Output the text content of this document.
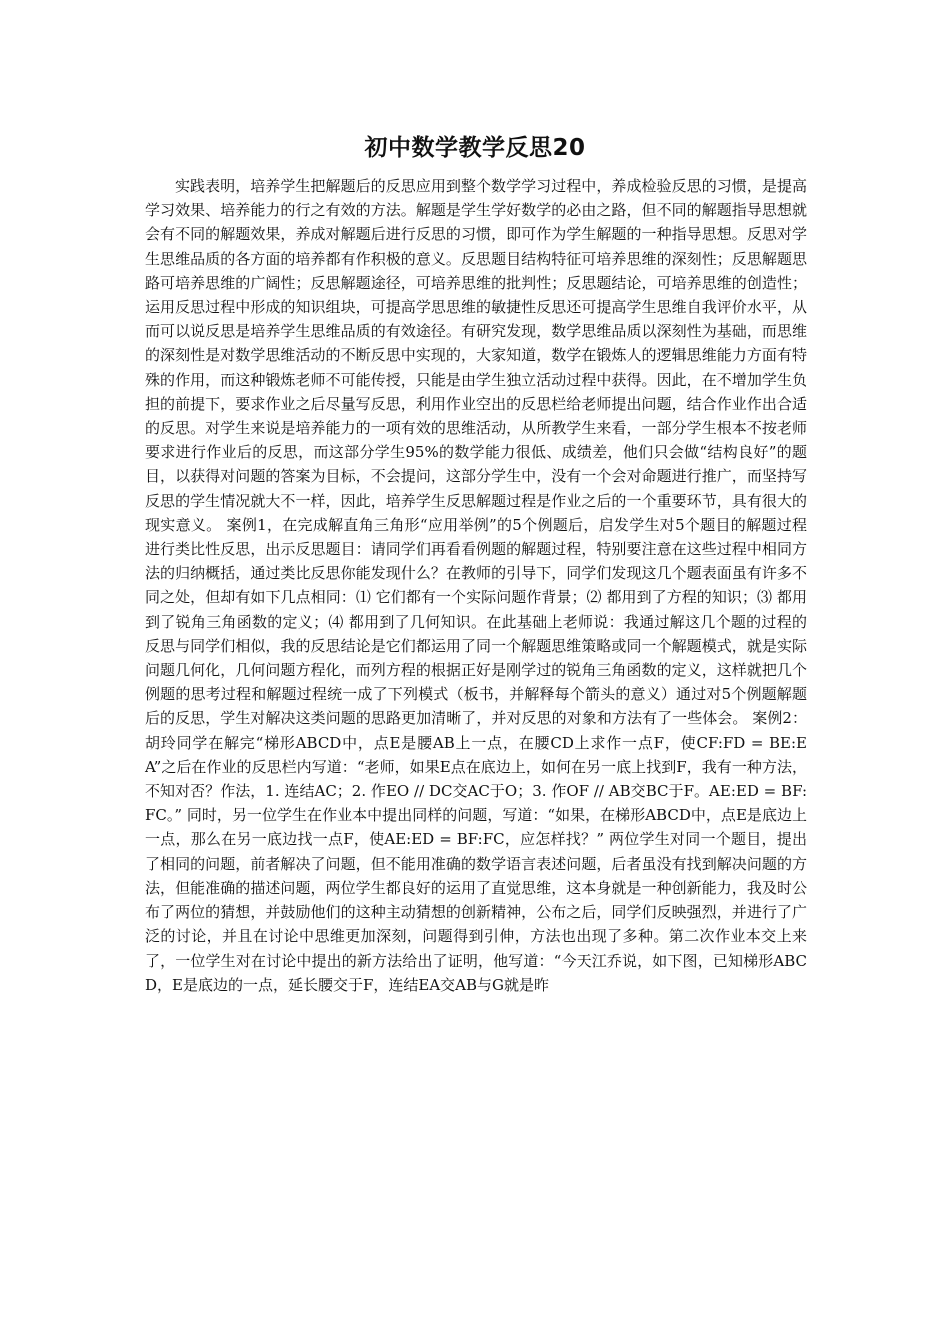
初中数学教学反思20

实践表明，培养学生把解题后的反思应用到整个数学学习过程中，养成检验反思的习惯，是提高学习效果、培养能力的行之有效的方法。解题是学生学好数学的必由之路，但不同的解题指导思想就会有不同的解题效果，养成对解题后进行反思的习惯，即可作为学生解题的一种指导思想。反思对学生思维品质的各方面的培养都有作积极的意义。反思题目结构特征可培养思维的深刻性；反思解题思路可培养思维的广阔性；反思解题途径，可培养思维的批判性；反思题结论，可培养思维的创造性；运用反思过程中形成的知识组块，可提高学思思维的敏捷性反思还可提高学生思维自我评价水平，从而可以说反思是培养学生思维品质的有效途径。有研究发现，数学思维品质以深刻性为基础，而思维的深刻性是对数学思维活动的不断反思中实现的，大家知道，数学在锻炼人的逻辑思维能力方面有特殊的作用，而这种锻炼老师不可能传授，只能是由学生独立活动过程中获得。因此，在不增加学生负担的前提下，要求作业之后尽量写反思，利用作业空出的反思栏给老师提出问题，结合作业作出合适的反思。对学生来说是培养能力的一项有效的思维活动，从所教学生来看，一部分学生根本不按老师要求进行作业后的反思，而这部分学生95%的数学能力很低、成绩差，他们只会做“结构良好”的题目，以获得对问题的答案为目标，不会提问，这部分学生中，没有一个会对命题进行推广，而坚持写反思的学生情况就大不一样，因此，培养学生反思解题过程是作业之后的一个重要环节，具有很大的现实意义。 案例1，在完成解直角三角形“应用举例”的5个例题后，启发学生对5个题目的解题过程进行类比性反思，出示反思题目：请同学们再看看例题的解题过程，特别要注意在这些过程中相同方法的归纳概括，通过类比反思你能发现什么？在教师的引导下，同学们发现这几个题表面虽有许多不同之处，但却有如下几点相同：⑴ 它们都有一个实际问题作背景；⑵ 都用到了方程的知识；⑶ 都用到了锐角三角函数的定义；⑷ 都用到了几何知识。在此基础上老师说：我通过解这几个题的过程的反思与同学们相似，我的反思结论是它们都运用了同一个解题思维策略或同一个解题模式，就是实际问题几何化，几何问题方程化，而列方程的根据正好是刚学过的锐角三角函数的定义，这样就把几个例题的思考过程和解题过程统一成了下列模式（板书，并解释每个箭头的意义）通过对5个例题解题后的反思，学生对解决这类问题的思路更加清晰了，并对反思的对象和方法有了一些体会。 案例2：胡玲同学在解完“梯形ABCD中，点E是腰AB上一点，在腰CD上求作一点F，使CF:FD = BE:EA”之后在作业的反思栏内写道：“老师，如果E点在底边上，如何在另一底上找到F，我有一种方法，不知对否？作法，1. 连结AC；2. 作EO // DC交AC于O；3. 作OF // AB交BC于F。AE:ED = BF:FC。” 同时，另一位学生在作业本中提出同样的问题，写道：“如果，在梯形ABCD中，点E是底边上一点，那么在另一底边找一点F，使AE:ED = BF:FC，应怎样找？” 两位学生对同一个题目，提出了相同的问题，前者解决了问题，但不能用准确的数学语言表述问题，后者虽没有找到解决问题的方法，但能准确的描述问题，两位学生都良好的运用了直觉思维，这本身就是一种创新能力，我及时公布了两位的猜想，并鼓励他们的这种主动猜想的创新精神，公布之后，同学们反映强烈，并进行了广泛的讨论，并且在讨论中思维更加深刻，问题得到引伸，方法也出现了多种。第二次作业本交上来了，一位学生对在讨论中提出的新方法给出了证明，他写道：“今天江乔说，如下图，已知梯形ABCD，E是底边的一点，延长腰交于F，连结EA交AB与G就是昨
